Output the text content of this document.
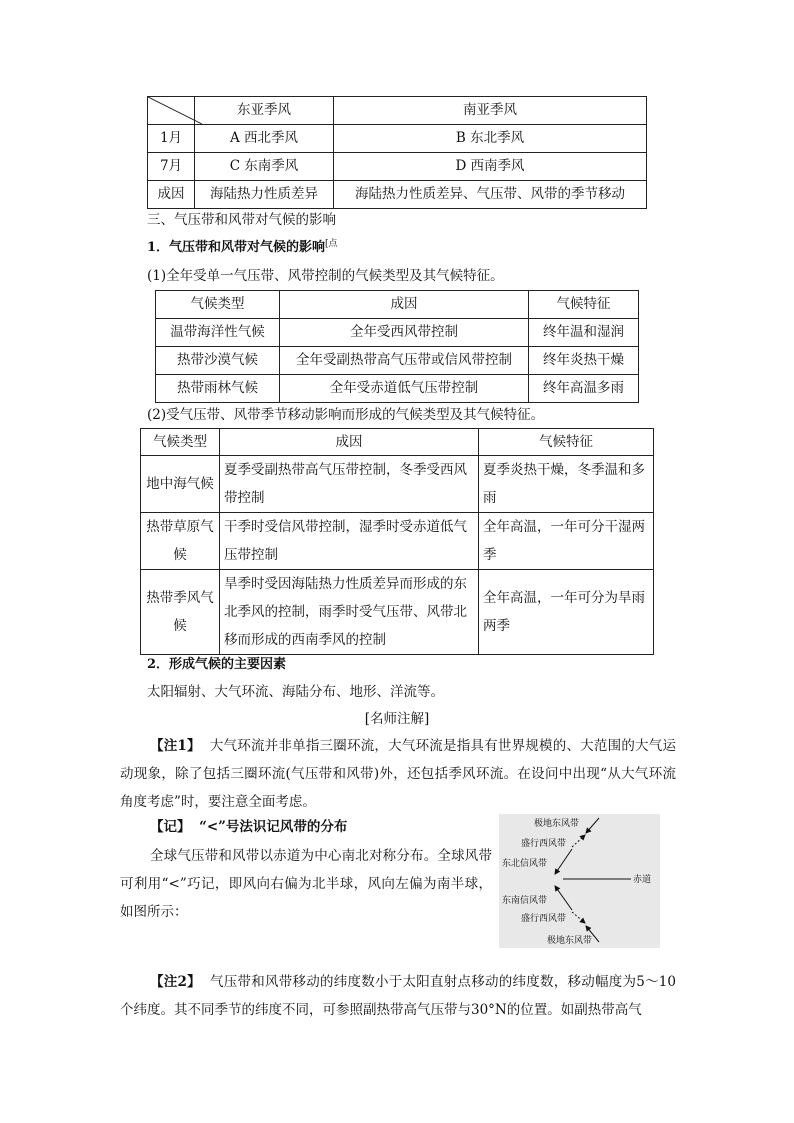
	东亚季风	南亚季风
1月	A 西北季风	B 东北季风
7月	C 东南季风	D 西南季风
成因	海陆热力性质差异	海陆热力性质差异、气压带、风带的季节移动
三、气压带和风带对气候的影响
1．气压带和风带对气候的影响$^{[点}$
(1)全年受单一气压带、风带控制的气候类型及其气候特征。
气候类型	成因	气候特征
温带海洋性气候	全年受西风带控制	终年温和湿润
热带沙漠气候	全年受副热带高气压带或信风带控制	终年炎热干燥
热带雨林气候	全年受赤道低气压带控制	终年高温多雨
(2)受气压带、风带季节移动影响而形成的气候类型及其气候特征。
气候类型	成因	气候特征
地中海气候	夏季受副热带高气压带控制，冬季受西风带控制	夏季炎热干燥，冬季温和多雨
热带草原气候	干季时受信风带控制，湿季时受赤道低气压带控制	全年高温，一年可分干湿两季
热带季风气候	旱季时受因海陆热力性质差异而形成的东北季风的控制，雨季时受气压带、风带北移而形成的西南季风的控制	全年高温，一年可分为旱雨两季
2．形成气候的主要因素
太阳辐射、大气环流、海陆分布、地形、洋流等。
[名师注解]
【注1】 大气环流并非单指三圈环流，大气环流是指具有世界规模的、大范围的大气运动现象，除了包括三圈环流(气压带和风带)外，还包括季风环流。在设问中出现“从大气环流角度考虑”时，要注意全面考虑。
【记】 “<”号法识记风带的分布
全球气压带和风带以赤道为中心南北对称分布。全球风带可利用“<”巧记，即风向右偏为北半球，风向左偏为南半球，如图所示：
赤道
极地东风带
盛行西风带
东北信风带
东南信风带
盛行西风带
极地东风带
【注2】 气压带和风带移动的纬度数小于太阳直射点移动的纬度数，移动幅度为5～10个纬度。其不同季节的纬度不同，可参照副热带高气压带与30°N的位置。如副热带高气
